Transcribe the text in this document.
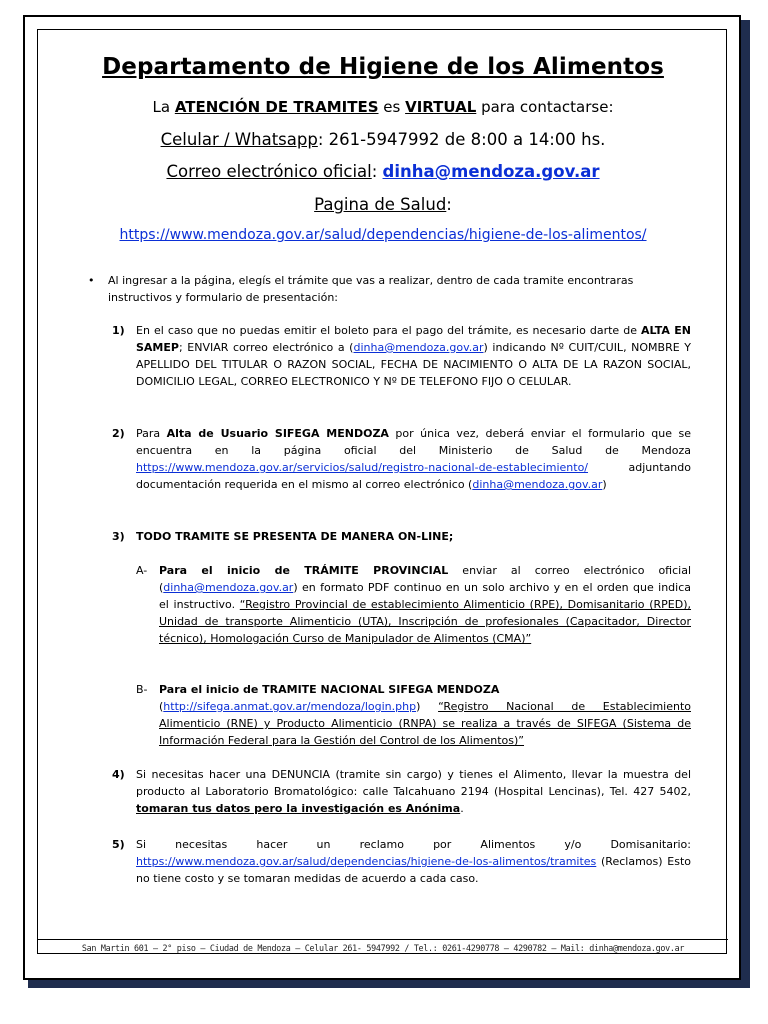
Departamento de Higiene de los Alimentos
La ATENCIÓN DE TRAMITES es VIRTUAL para contactarse:
Celular / Whatsapp: 261-5947992 de 8:00 a 14:00 hs.
Correo electrónico oficial: dinha@mendoza.gov.ar
Pagina de Salud:
https://www.mendoza.gov.ar/salud/dependencias/higiene-de-los-alimentos/
• Al ingresar a la página, elegís el trámite que vas a realizar, dentro de cada tramite encontraras instructivos y formulario de presentación:
1) En el caso que no puedas emitir el boleto para el pago del trámite, es necesario darte de ALTA EN SAMEP; ENVIAR correo electrónico a (dinha@mendoza.gov.ar) indicando Nº CUIT/CUIL, NOMBRE Y APELLIDO DEL TITULAR O RAZON SOCIAL, FECHA DE NACIMIENTO O ALTA DE LA RAZON SOCIAL, DOMICILIO LEGAL, CORREO ELECTRONICO Y Nº DE TELEFONO FIJO O CELULAR.
2) Para Alta de Usuario SIFEGA MENDOZA por única vez, deberá enviar el formulario que se encuentra en la página oficial del Ministerio de Salud de Mendoza https://www.mendoza.gov.ar/servicios/salud/registro-nacional-de-establecimiento/ adjuntando documentación requerida en el mismo al correo electrónico (dinha@mendoza.gov.ar)
3) TODO TRAMITE SE PRESENTA DE MANERA ON-LINE;
A- Para el inicio de TRÁMITE PROVINCIAL enviar al correo electrónico oficial (dinha@mendoza.gov.ar) en formato PDF continuo en un solo archivo y en el orden que indica el instructivo. “Registro Provincial de establecimiento Alimenticio (RPE), Domisanitario (RPED), Unidad de transporte Alimenticio (UTA), Inscripción de profesionales (Capacitador, Director técnico), Homologación Curso de Manipulador de Alimentos (CMA)”
B- Para el inicio de TRAMITE NACIONAL SIFEGA MENDOZA
(http://sifega.anmat.gov.ar/mendoza/login.php) “Registro Nacional de Establecimiento Alimenticio (RNE) y Producto Alimenticio (RNPA) se realiza a través de SIFEGA (Sistema de Información Federal para la Gestión del Control de los Alimentos)”
4) Si necesitas hacer una DENUNCIA (tramite sin cargo) y tienes el Alimento, llevar la muestra del producto al Laboratorio Bromatológico: calle Talcahuano 2194 (Hospital Lencinas), Tel. 427 5402, tomaran tus datos pero la investigación es Anónima.
5) Si necesitas hacer un reclamo por Alimentos y/o Domisanitario: https://www.mendoza.gov.ar/salud/dependencias/higiene-de-los-alimentos/tramites (Reclamos) Esto no tiene costo y se tomaran medidas de acuerdo a cada caso.
San Martin 601 – 2° piso – Ciudad de Mendoza – Celular 261- 5947992 / Tel.: 0261-4290778 – 4290782 – Mail: dinha@mendoza.gov.ar
